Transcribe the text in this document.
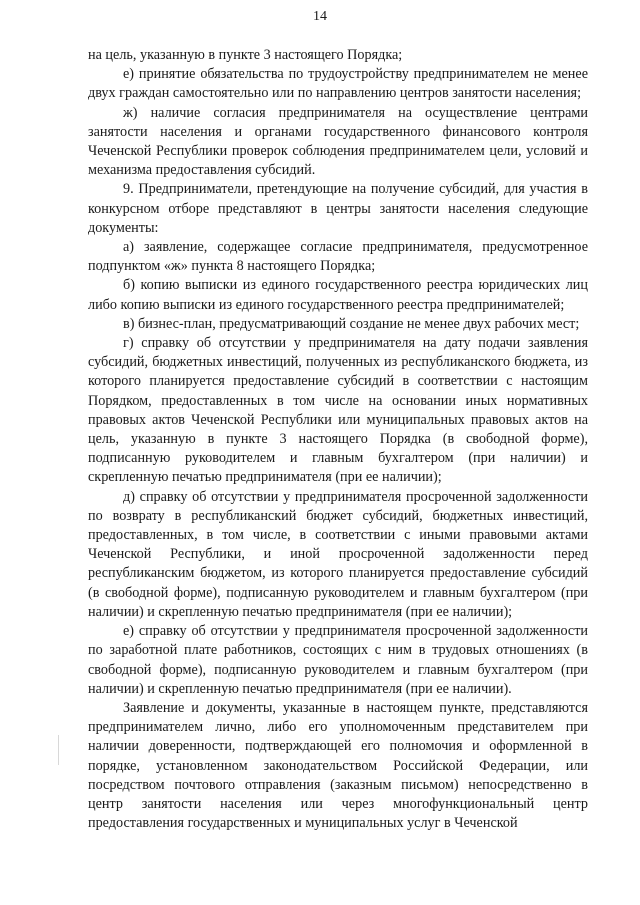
14

на цель, указанную в пункте 3 настоящего Порядка;

е) принятие обязательства по трудоустройству предпринимателем не менее двух граждан самостоятельно или по направлению центров занятости населения;

ж) наличие согласия предпринимателя на осуществление центрами занятости населения и органами государственного финансового контроля Чеченской Республики проверок соблюдения предпринимателем цели, условий и механизма предоставления субсидий.

9. Предприниматели, претендующие на получение субсидий, для участия в конкурсном отборе представляют в центры занятости населения следующие документы:

а) заявление, содержащее согласие предпринимателя, предусмотренное подпунктом «ж» пункта 8 настоящего Порядка;

б) копию выписки из единого государственного реестра юридических лиц либо копию выписки из единого государственного реестра предпринимателей;

в) бизнес-план, предусматривающий создание не менее двух рабочих мест;

г) справку об отсутствии у предпринимателя на дату подачи заявления субсидий, бюджетных инвестиций, полученных из республиканского бюджета, из которого планируется предоставление субсидий в соответствии с настоящим Порядком, предоставленных в том числе на основании иных нормативных правовых актов Чеченской Республики или муниципальных правовых актов на цель, указанную в пункте 3 настоящего Порядка (в свободной форме), подписанную руководителем и главным бухгалтером (при наличии) и скрепленную печатью предпринимателя (при ее наличии);

д) справку об отсутствии у предпринимателя просроченной задолженности по возврату в республиканский бюджет субсидий, бюджетных инвестиций, предоставленных, в том числе, в соответствии с иными правовыми актами Чеченской Республики, и иной просроченной задолженности перед республиканским бюджетом, из которого планируется предоставление субсидий (в свободной форме), подписанную руководителем и главным бухгалтером (при наличии) и скрепленную печатью предпринимателя (при ее наличии);

е) справку об отсутствии у предпринимателя просроченной задолженности по заработной плате работников, состоящих с ним в трудовых отношениях (в свободной форме), подписанную руководителем и главным бухгалтером (при наличии) и скрепленную печатью предпринимателя (при ее наличии).

Заявление и документы, указанные в настоящем пункте, представляются предпринимателем лично, либо его уполномоченным представителем при наличии доверенности, подтверждающей его полномочия и оформленной в порядке, установленном законодательством Российской Федерации, или посредством почтового отправления (заказным письмом) непосредственно в центр занятости населения или через многофункциональный центр предоставления государственных и муниципальных услуг в Чеченской
